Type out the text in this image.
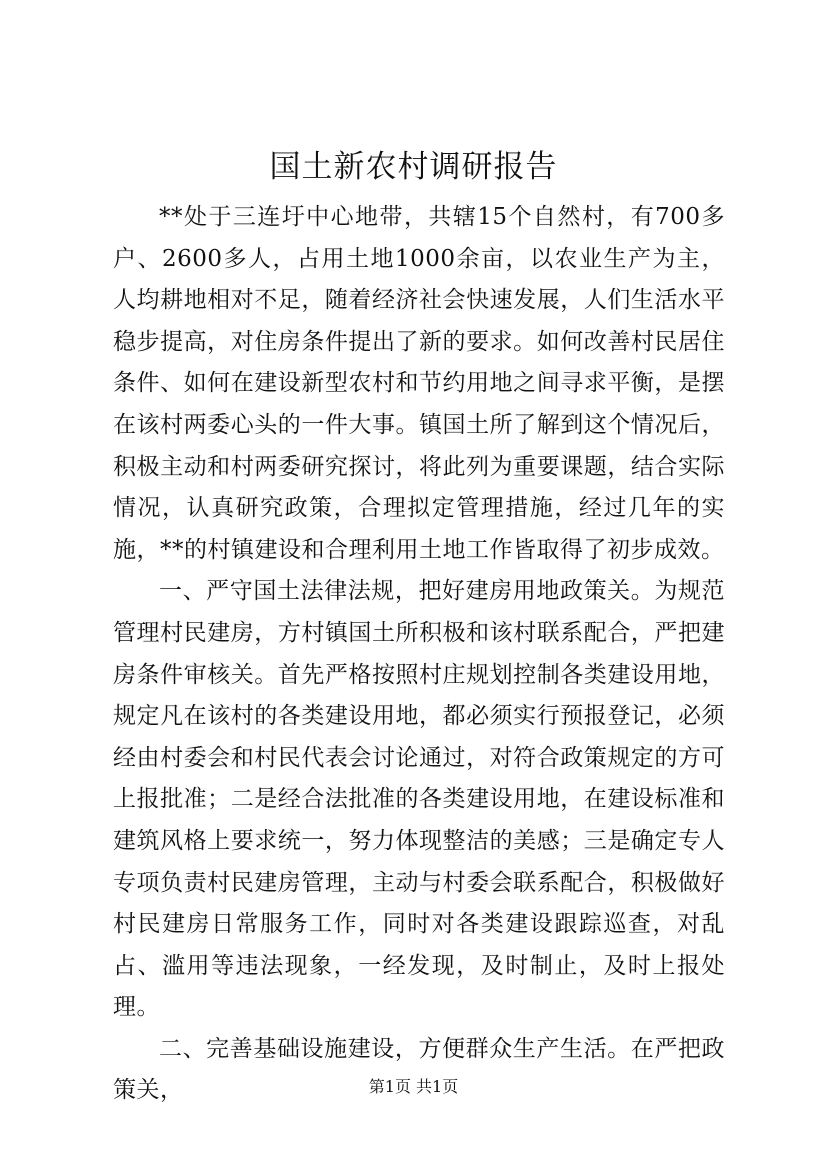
国土新农村调研报告

**处于三连圩中心地带，共辖15个自然村，有700多户、2600多人，占用土地1000余亩，以农业生产为主，人均耕地相对不足，随着经济社会快速发展，人们生活水平稳步提高，对住房条件提出了新的要求。如何改善村民居住条件、如何在建设新型农村和节约用地之间寻求平衡，是摆在该村两委心头的一件大事。镇国土所了解到这个情况后，积极主动和村两委研究探讨，将此列为重要课题，结合实际情况，认真研究政策，合理拟定管理措施，经过几年的实施，**的村镇建设和合理利用土地工作皆取得了初步成效。

一、严守国土法律法规，把好建房用地政策关。为规范管理村民建房，方村镇国土所积极和该村联系配合，严把建房条件审核关。首先严格按照村庄规划控制各类建设用地，规定凡在该村的各类建设用地，都必须实行预报登记，必须经由村委会和村民代表会讨论通过，对符合政策规定的方可上报批准；二是经合法批准的各类建设用地，在建设标准和建筑风格上要求统一，努力体现整洁的美感；三是确定专人专项负责村民建房管理，主动与村委会联系配合，积极做好村民建房日常服务工作，同时对各类建设跟踪巡查，对乱占、滥用等违法现象，一经发现，及时制止，及时上报处理。

二、完善基础设施建设，方便群众生产生活。在严把政策关，	第1页 共1页
